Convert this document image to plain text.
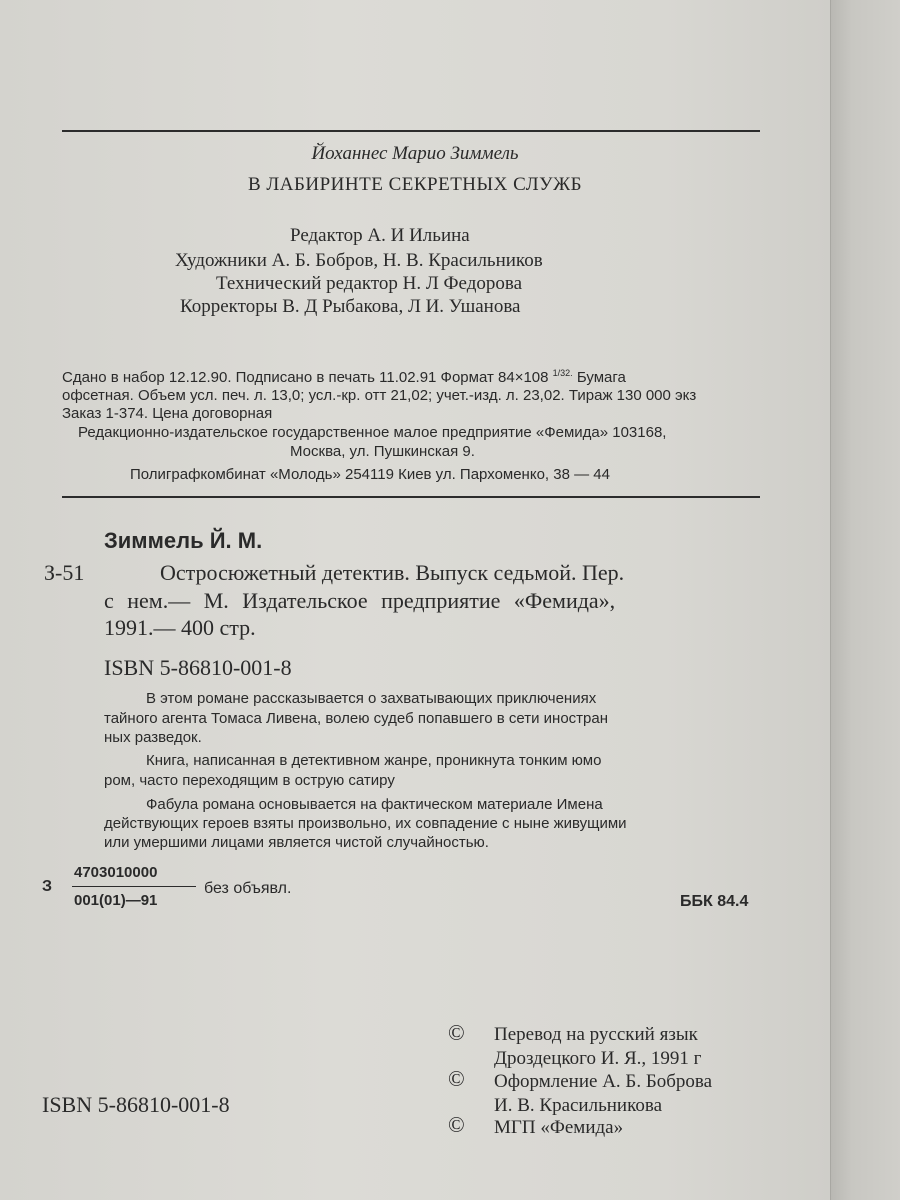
Йоханнес Марио Зиммель
В ЛАБИРИНТЕ СЕКРЕТНЫХ СЛУЖБ
Редактор А. И Ильина
Художники А. Б. Бобров, Н. В. Красильников
Технический редактор Н. Л Федорова
Корректоры В. Д Рыбакова, Л И. Ушанова
Сдано в набор 12.12.90. Подписано в печать 11.02.91 Формат 84×108 $^{1/32.}$ Бумага
офсетная. Объем усл. печ. л. 13,0; усл.-кр. отт 21,02; учет.-изд. л. 23,02. Тираж 130 000 экз
Заказ 1-374. Цена договорная
Редакционно-издательское государственное малое предприятие «Фемида» 103168,
Москва, ул. Пушкинская 9.
Полиграфкомбинат «Молодь» 254119 Киев ул. Пархоменко, 38 — 44
Зиммель Й. М.
З-51	Остросюжетный детектив. Выпуск седьмой. Пер.
с нем.— М. Издательское предприятие «Фемида»,
1991.— 400 стр.
ISBN 5-86810-001-8
В этом романе рассказывается о захватывающих приключениях
тайного агента Томаса Ливена, волею судеб попавшего в сети иностран
ных разведок.
Книга, написанная в детективном жанре, проникнута тонким юмо
ром, часто переходящим в острую сатиру
Фабула романа основывается на фактическом материале Имена
действующих героев взяты произвольно, их совпадение с ныне живущими
или умершими лицами является чистой случайностью.
З
4703010000
001(01)—91
без объявл.
ББК 84.4
ISBN 5-86810-001-8
© Перевод на русский язык
Дроздецкого И. Я., 1991 г
© Оформление А. Б. Боброва
И. В. Красильникова
© МГП «Фемида»
